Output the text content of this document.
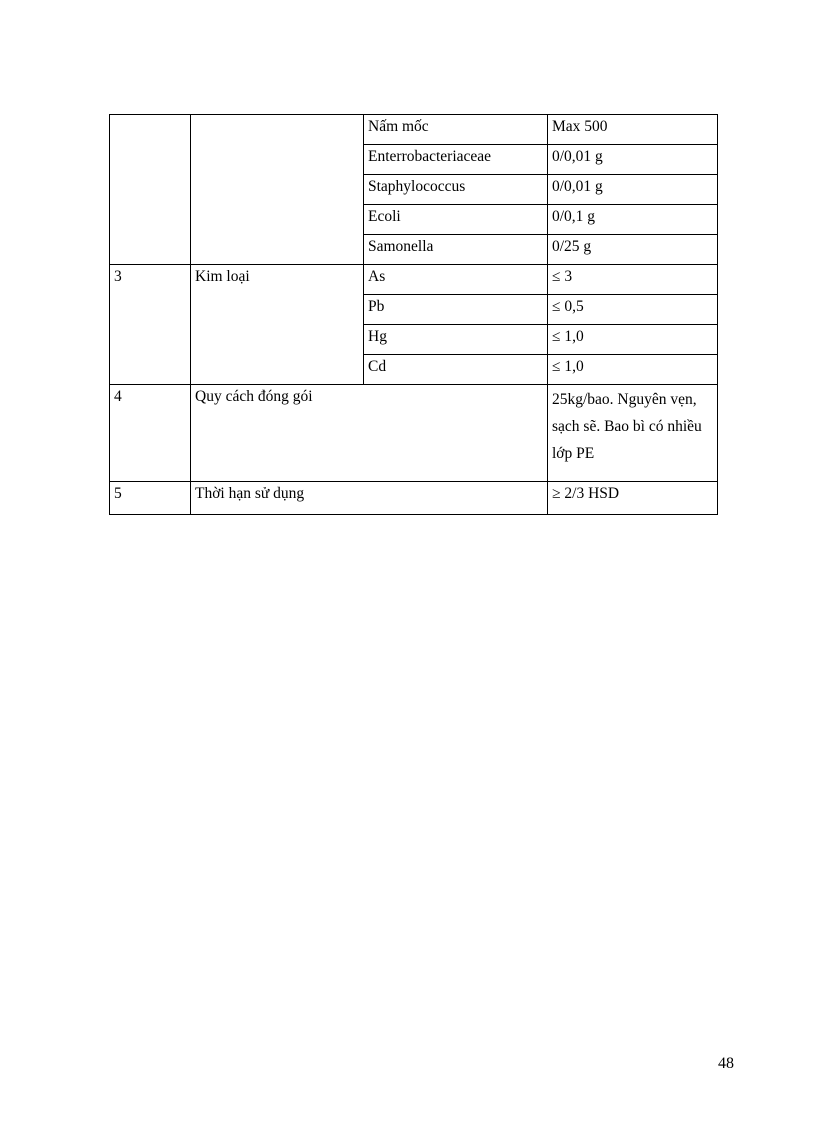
		Nấm mốc	Max 500
		Enterrobacteriaceae	0/0,01 g
		Staphylococcus	0/0,01 g
		Ecoli	0/0,1 g
		Samonella	0/25 g
3	Kim loại	As	≤ 3
		Pb	≤ 0,5
		Hg	≤ 1,0
		Cd	≤ 1,0
4	Quy cách đóng gói		25kg/bao. Nguyên vẹn, sạch sẽ. Bao bì có nhiều lớp PE
5	Thời hạn sử dụng		≥ 2/3 HSD
48
